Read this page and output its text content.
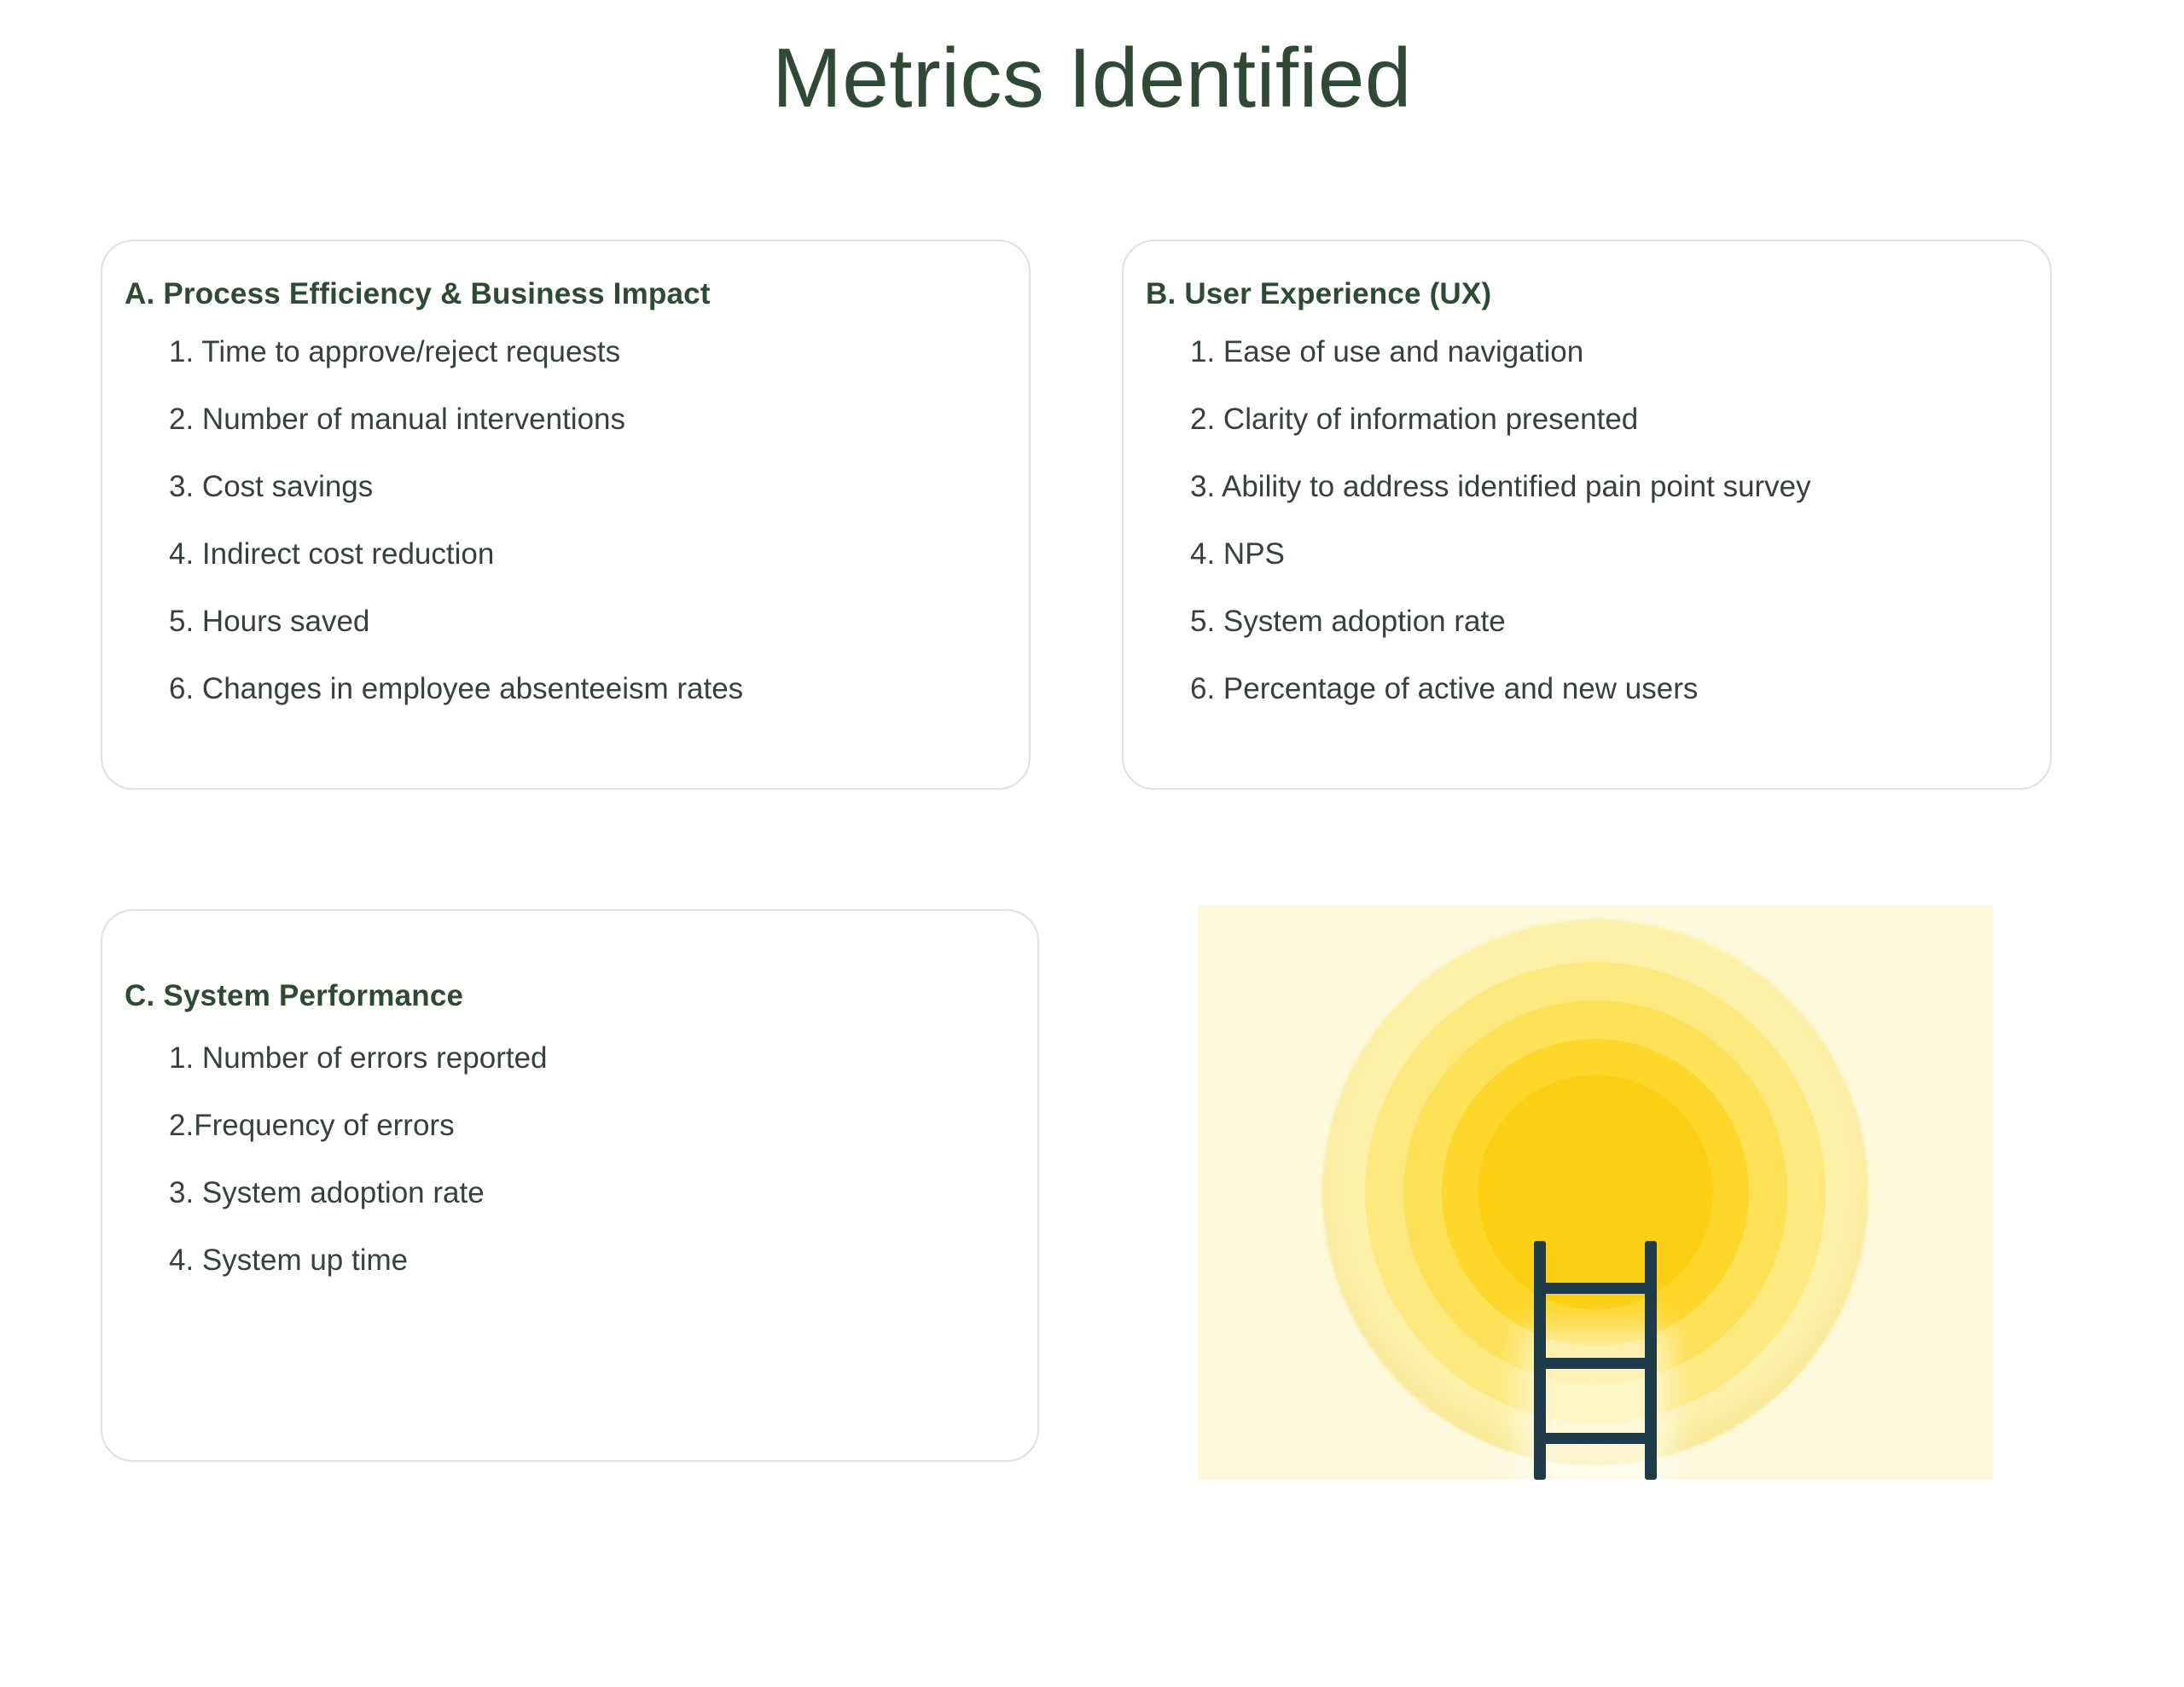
Metrics Identified
A. Process Efficiency & Business Impact
1. Time to approve/reject requests
2. Number of manual interventions
3. Cost savings
4. Indirect cost reduction
5. Hours saved
6. Changes in employee absenteeism rates
B. User Experience (UX)
1. Ease of use and navigation
2. Clarity of information presented
3. Ability to address identified pain point survey
4. NPS
5. System adoption rate
6. Percentage of active and new users
C. System Performance
1. Number of errors reported
2.Frequency of errors
3. System adoption rate
4. System up time
